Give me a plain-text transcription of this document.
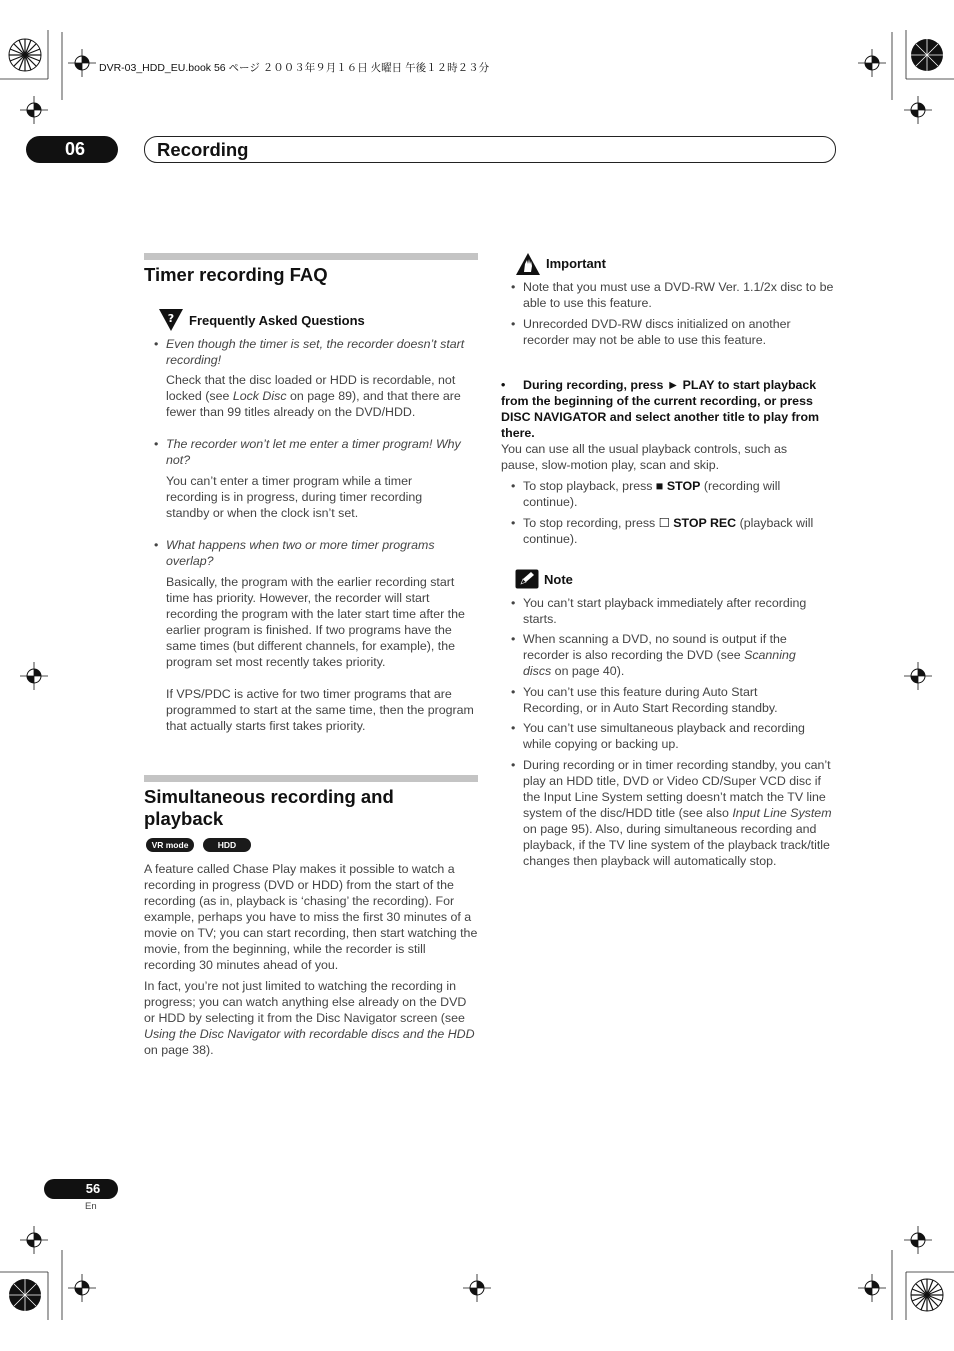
DVR-03_HDD_EU.book 56 ページ ２００３年９月１６日 火曜日 午後１２時２３分
06	Recording
Timer recording FAQ
? Frequently Asked Questions
• Even though the timer is set, the recorder doesn’t start recording!

Check that the disc loaded or HDD is recordable, not locked (see Lock Disc on page 89), and that there are fewer than 99 titles already on the DVD/HDD.

• The recorder won’t let me enter a timer program! Why not?

You can’t enter a timer program while a timer recording is in progress, during timer recording standby or when the clock isn’t set.

• What happens when two or more timer programs overlap?

Basically, the program with the earlier recording start time has priority. However, the recorder will start recording the program with the later start time after the earlier program is finished. If two programs have the same times (but different channels, for example), the program set most recently takes priority.

If VPS/PDC is active for two timer programs that are programmed to start at the same time, then the program that actually starts first takes priority.

Simultaneous recording and
playback
VR mode	HDD

A feature called Chase Play makes it possible to watch a recording in progress (DVD or HDD) from the start of the recording (as in, playback is ‘chasing’ the recording). For example, perhaps you have to miss the first 30 minutes of a movie on TV; you can start recording, then start watching the movie, from the beginning, while the recorder is still recording 30 minutes ahead of you.

In fact, you’re not just limited to watching the recording in progress; you can watch anything else already on the DVD or HDD by selecting it from the Disc Navigator screen (see Using the Disc Navigator with recordable discs and the HDD on page 38).

Important
• Note that you must use a DVD-RW Ver. 1.1/2x disc to be able to use this feature.
• Unrecorded DVD-RW discs initialized on another recorder may not be able to use this feature.
• During recording, press ► PLAY to start playback from the beginning of the current recording, or press DISC NAVIGATOR and select another title to play from there.

You can use all the usual playback controls, such as pause, slow-motion play, scan and skip.

• To stop playback, press ■ STOP (recording will continue).
• To stop recording, press ☐ STOP REC (playback will continue).
Note
• You can’t start playback immediately after recording starts.
• When scanning a DVD, no sound is output if the recorder is also recording the DVD (see Scanning discs on page 40).
• You can’t use this feature during Auto Start Recording, or in Auto Start Recording standby.
• You can’t use simultaneous playback and recording while copying or backing up.
• During recording or in timer recording standby, you can’t play an HDD title, DVD or Video CD/Super VCD disc if the Input Line System setting doesn’t match the TV line system of the disc/HDD title (see also Input Line System on page 95). Also, during simultaneous recording and playback, if the TV line system of the playback track/title changes then playback will automatically stop.
56
En
